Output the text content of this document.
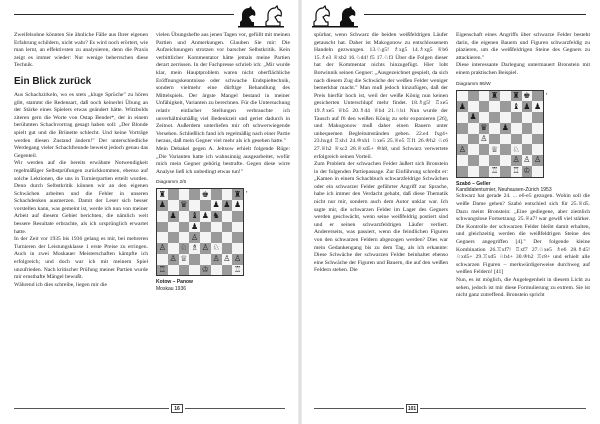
Zweifelsohne könnten Sie ähnliche Fälle aus Ihrer eigenen Erfahrung schildern, nicht wahr? Es wird noch erörtert, wie man lernt, an effektivsten zu analysieren, denn die Praxis zeigt es immer wieder: Nur wenige beherrschen diese Technik.

Ein Blick zurück

Aus Schachzirkeln, wo es stets „kluge Sprüche" zu hören gibt, stammt die Redensart, daß noch keinerlei Übung an der Stärke eines Spielers etwas geändert hätte. Witzbolds ziteren gern die Worte von Ostap Bender*, der in einem berühmten Schachvortrag gesagt haben soll: „Der Blonde spielt gut und die Brünette schlecht. Und keine Vorträge werden diesen Zustand ändern!" Der unterschiedliche Werdegang vieler Schachfreunde beweist jedoch genau das Gegenteil.

Wir werden auf die bereits erwähnte Notwendigkeit regelmäßiger Selbstprüfungen zurückkommen, ebenso auf solche Lektionen, die uns in Turnierpartien erteilt wurden. Denn durch Selbstkritik können wir an den eigenen Schwächen arbeiten und die Fehler in unseren Schachdenken ausmerzen. Damit der Leser sich besser vorstellen kann, was gemeint ist, werde ich nun von meiner Arbeit auf diesem Gebiet berichten, die nämlich weit bessere Resultate erbrachte, als ich ursprünglich erwartet hatte.

In der Zeit vor 1935 bis 1936 gelang es mir, bei mehreren Turnieren der Leistungsklasse 1 erste Preise zu erringen. Auch in zwei Moskauer Meisterschaften kämpfte ich erfolgreich; und doch war ich mit meinem Spiel unzufrieden. Nach kritischer Prüfung meiner Partien wurde mir ernsthafte Mängel bewußt.

Während ich dies schreibe, liegen mir die

vielen Übungshefte aus jenen Tagen vor, gefüllt mit meinen Partien und Anmerkungen. Glauben Sie mir: Die Aufzeichnungen strotzen vor barscher Selbstkritik. Kein verbittlicher Kommentator hätte jemals meine Partien derart zerrissen. In der Fachpresse schrieb ich: „Mir wurde klar, mein Hauptproblem waren nicht oberflächliche Eröffnungskenntnisse oder schwache Endspieltechnik, sondern vielmehr eine dürftige Behandlung des Mittelspiels. Der ärgste Mangel bestand in meiner Unfähigkeit, Varianten zu berechnen. Für die Untersuchung relativ einfacher Stellungen verbrauchte ich unverhältnismäßig viel Bedenkzeit und geriet dadurch in Zeitnot. Außerdem unterliefen mir oft schwerwiegende Versehen. Schließlich fand ich regelmäßig nach einer Partie heraus, daß mein Gegner viel mehr als ich gesehen hatte."

Mein Debakel gegen A. Jeltsow erhielt folgende Rüge: „Die Varianten hatte ich wahnsinnig ausgearbeitet, wofür mich mein Gegner gehörig bestrafte. Gegen diese wirre Analyse ließ ich unbedingt etwas tun!"

Diagramm 2/5
♜	♚	♜
♟ ♛	♟ ♟ ♟
♟ ♝ ♟ ♞
♟
♙
♙ ♘ ♗ ♙ ♘
♙ ♕	♙ ♙ ♙
♖	♔	♖
▪
Kotow – Panow
Moskau 1936
16

spürbar, wenn Schwarz die beiden weißfeldrigen Läufer getauscht hat. Daher ist Makogonow zu entschlossenem Handeln gezwungen. 13.♘g5! ♗xg5 14.♗xg5 ♕b6 15.♗e3 ♕xb2 16.♘d4! f5 17.♘f3 Über die Folgen dieser hat der Kommentar nichts hinzugefügt. Hier lobt Botwinnik seinen Gegner: „Ausgezeichnet gespielt, da sich nach diesem Zug die Schwäche der weißen Felder weniger bemerkbar macht." Man muß jedoch hinzufügen, daß der Preis hierfür hoch ist, weil der weiße König nun keinen gesicherten Unterschlupf mehr findet. 18.♗g5! ♖xe5 19.♗xe5 ♕b5 20.♗d4 ♕b4 21.♘b1 Nun wurde der Tausch auf f6 den weißen König zu sehr exponieren [26], und Makogonow muß daher einen Bauern unter unbequemen Begleitumständen geben. 22.e4 fxg4+ 23.hxg4 ♖xh1 24.♔xh1 ♘xe5 25.♕e5 ♖f1 26.♔h2 ♘c6 27.♕h2 ♕xc2 28.♕xd5+ ♔h8, und Schwarz verwertete erfolgreich seinen Vorteil.

Zum Problem der schwachen Felder äußert sich Bronstein in der folgenden Partiepassage. Zur Einführung schreibt er: „Kamen in einem Schachbuch schwarzfeldrige Schwächen oder ein schwarzer Felder geführter Angriff zur Sprache, habe ich immer den Verdacht gehabt, daß diese Thematik nicht nur mir, sondern auch dem Autor unklar war. Ich sagte mir, die schwarzen Felder im Lager des Gegners werden geschwächt, wenn seine weißfeldrig postiert sind und er seinen schwarzfeldrigen Läufer verliert. Andererseits, was passiert, wenn die feindlichen Figuren von den schwarzen Feldern abgezogen werden? Dies war mein Gedankengang bis zu dem Tag, als ich erkannte: Diese Schwäche der schwarzen Felder beinhaltet ebenso eine Schwäche der Figuren und Bauern, die auf den weißen Feldern stehen. Die

Eigenschaft eines Angriffs über schwarze Felder besteht darin, die eigenen Bauern und Figuren schwarzfeldig zu plazieren, um die weißfeldrigen Steine des Gegners zu attackieren."

Diese interessante Darlegung untermauert Bronstein mit einem praktischen Beispiel.

Diagramm 86/W
♜ ♜ ♚
♟	♝ ♟ ♟
♟
♛ ♟
♙
♙	♕ ♘
♙ ♙ ♙
♖ ♖ ♔
▪
Szabó – Geller
Kandidatenturnier, Neuhausen-Zürich 1953

Schwarz hat gerade 24. ... e6-e5 gezogen. Wohin soll die weiße Dame gehen? Szabó entschied sich für 25.♕d5. Dazu meint Bronstein: „Eine gediegene, aber ziemlich schwungslose Fortsetzung. 25.♕a7! war gewiß viel stärker. Die Kontrolle der schwarzen Felder bleibt damit erhalten, und gleichzeitig werden die weißfeldrigen Steine des Gegners angegriffen [4]." Der folgende kleine Kombination 26.♖xf7! ♖xf7 27.♘xe5 ♗e6 28.♗d5! ♘xd5+ 29.♖xd5 ♘b4+ 30.♔h2 ♖c8+ und erhielt alle schwarzen Figuren – merkwürdigerweise durchweg auf weißen Feldern! [41]

Nun, es ist möglich, die Angelegenheit in diesem Licht zu sehen, jedoch ist mir diese Formulierung zu extrem. Sie ist nicht ganz zutreffend. Bronstein spricht

101
